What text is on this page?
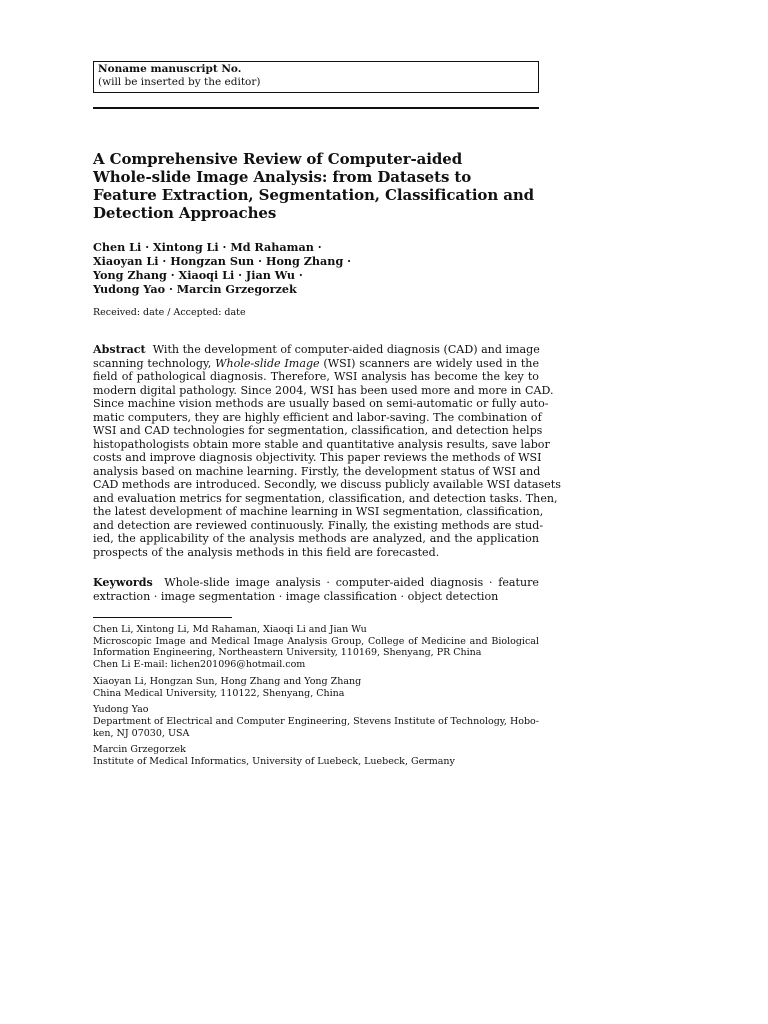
Noname manuscript No.
(will be inserted by the editor)
A Comprehensive Review of Computer-aided
Whole-slide Image Analysis: from Datasets to
Feature Extraction, Segmentation, Classification and
Detection Approaches
Chen Li · Xintong Li · Md Rahaman ·
Xiaoyan Li · Hongzan Sun · Hong Zhang ·
Yong Zhang · Xiaoqi Li · Jian Wu ·
Yudong Yao · Marcin Grzegorzek
Received: date / Accepted: date
Abstract With the development of computer-aided diagnosis (CAD) and image
scanning technology, Whole-slide Image (WSI) scanners are widely used in the
field of pathological diagnosis. Therefore, WSI analysis has become the key to
modern digital pathology. Since 2004, WSI has been used more and more in CAD.
Since machine vision methods are usually based on semi-automatic or fully auto-
matic computers, they are highly efficient and labor-saving. The combination of
WSI and CAD technologies for segmentation, classification, and detection helps
histopathologists obtain more stable and quantitative analysis results, save labor
costs and improve diagnosis objectivity. This paper reviews the methods of WSI
analysis based on machine learning. Firstly, the development status of WSI and
CAD methods are introduced. Secondly, we discuss publicly available WSI datasets
and evaluation metrics for segmentation, classification, and detection tasks. Then,
the latest development of machine learning in WSI segmentation, classification,
and detection are reviewed continuously. Finally, the existing methods are stud-
ied, the applicability of the analysis methods are analyzed, and the application
prospects of the analysis methods in this field are forecasted.
Keywords Whole-slide image analysis · computer-aided diagnosis · feature
extraction · image segmentation · image classification · object detection
Chen Li, Xintong Li, Md Rahaman, Xiaoqi Li and Jian Wu
Microscopic Image and Medical Image Analysis Group, College of Medicine and Biological
Information Engineering, Northeastern University, 110169, Shenyang, PR China
Chen Li E-mail: lichen201096@hotmail.com
Xiaoyan Li, Hongzan Sun, Hong Zhang and Yong Zhang
China Medical University, 110122, Shenyang, China
Yudong Yao
Department of Electrical and Computer Engineering, Stevens Institute of Technology, Hobo-
ken, NJ 07030, USA
Marcin Grzegorzek
Institute of Medical Informatics, University of Luebeck, Luebeck, Germany
